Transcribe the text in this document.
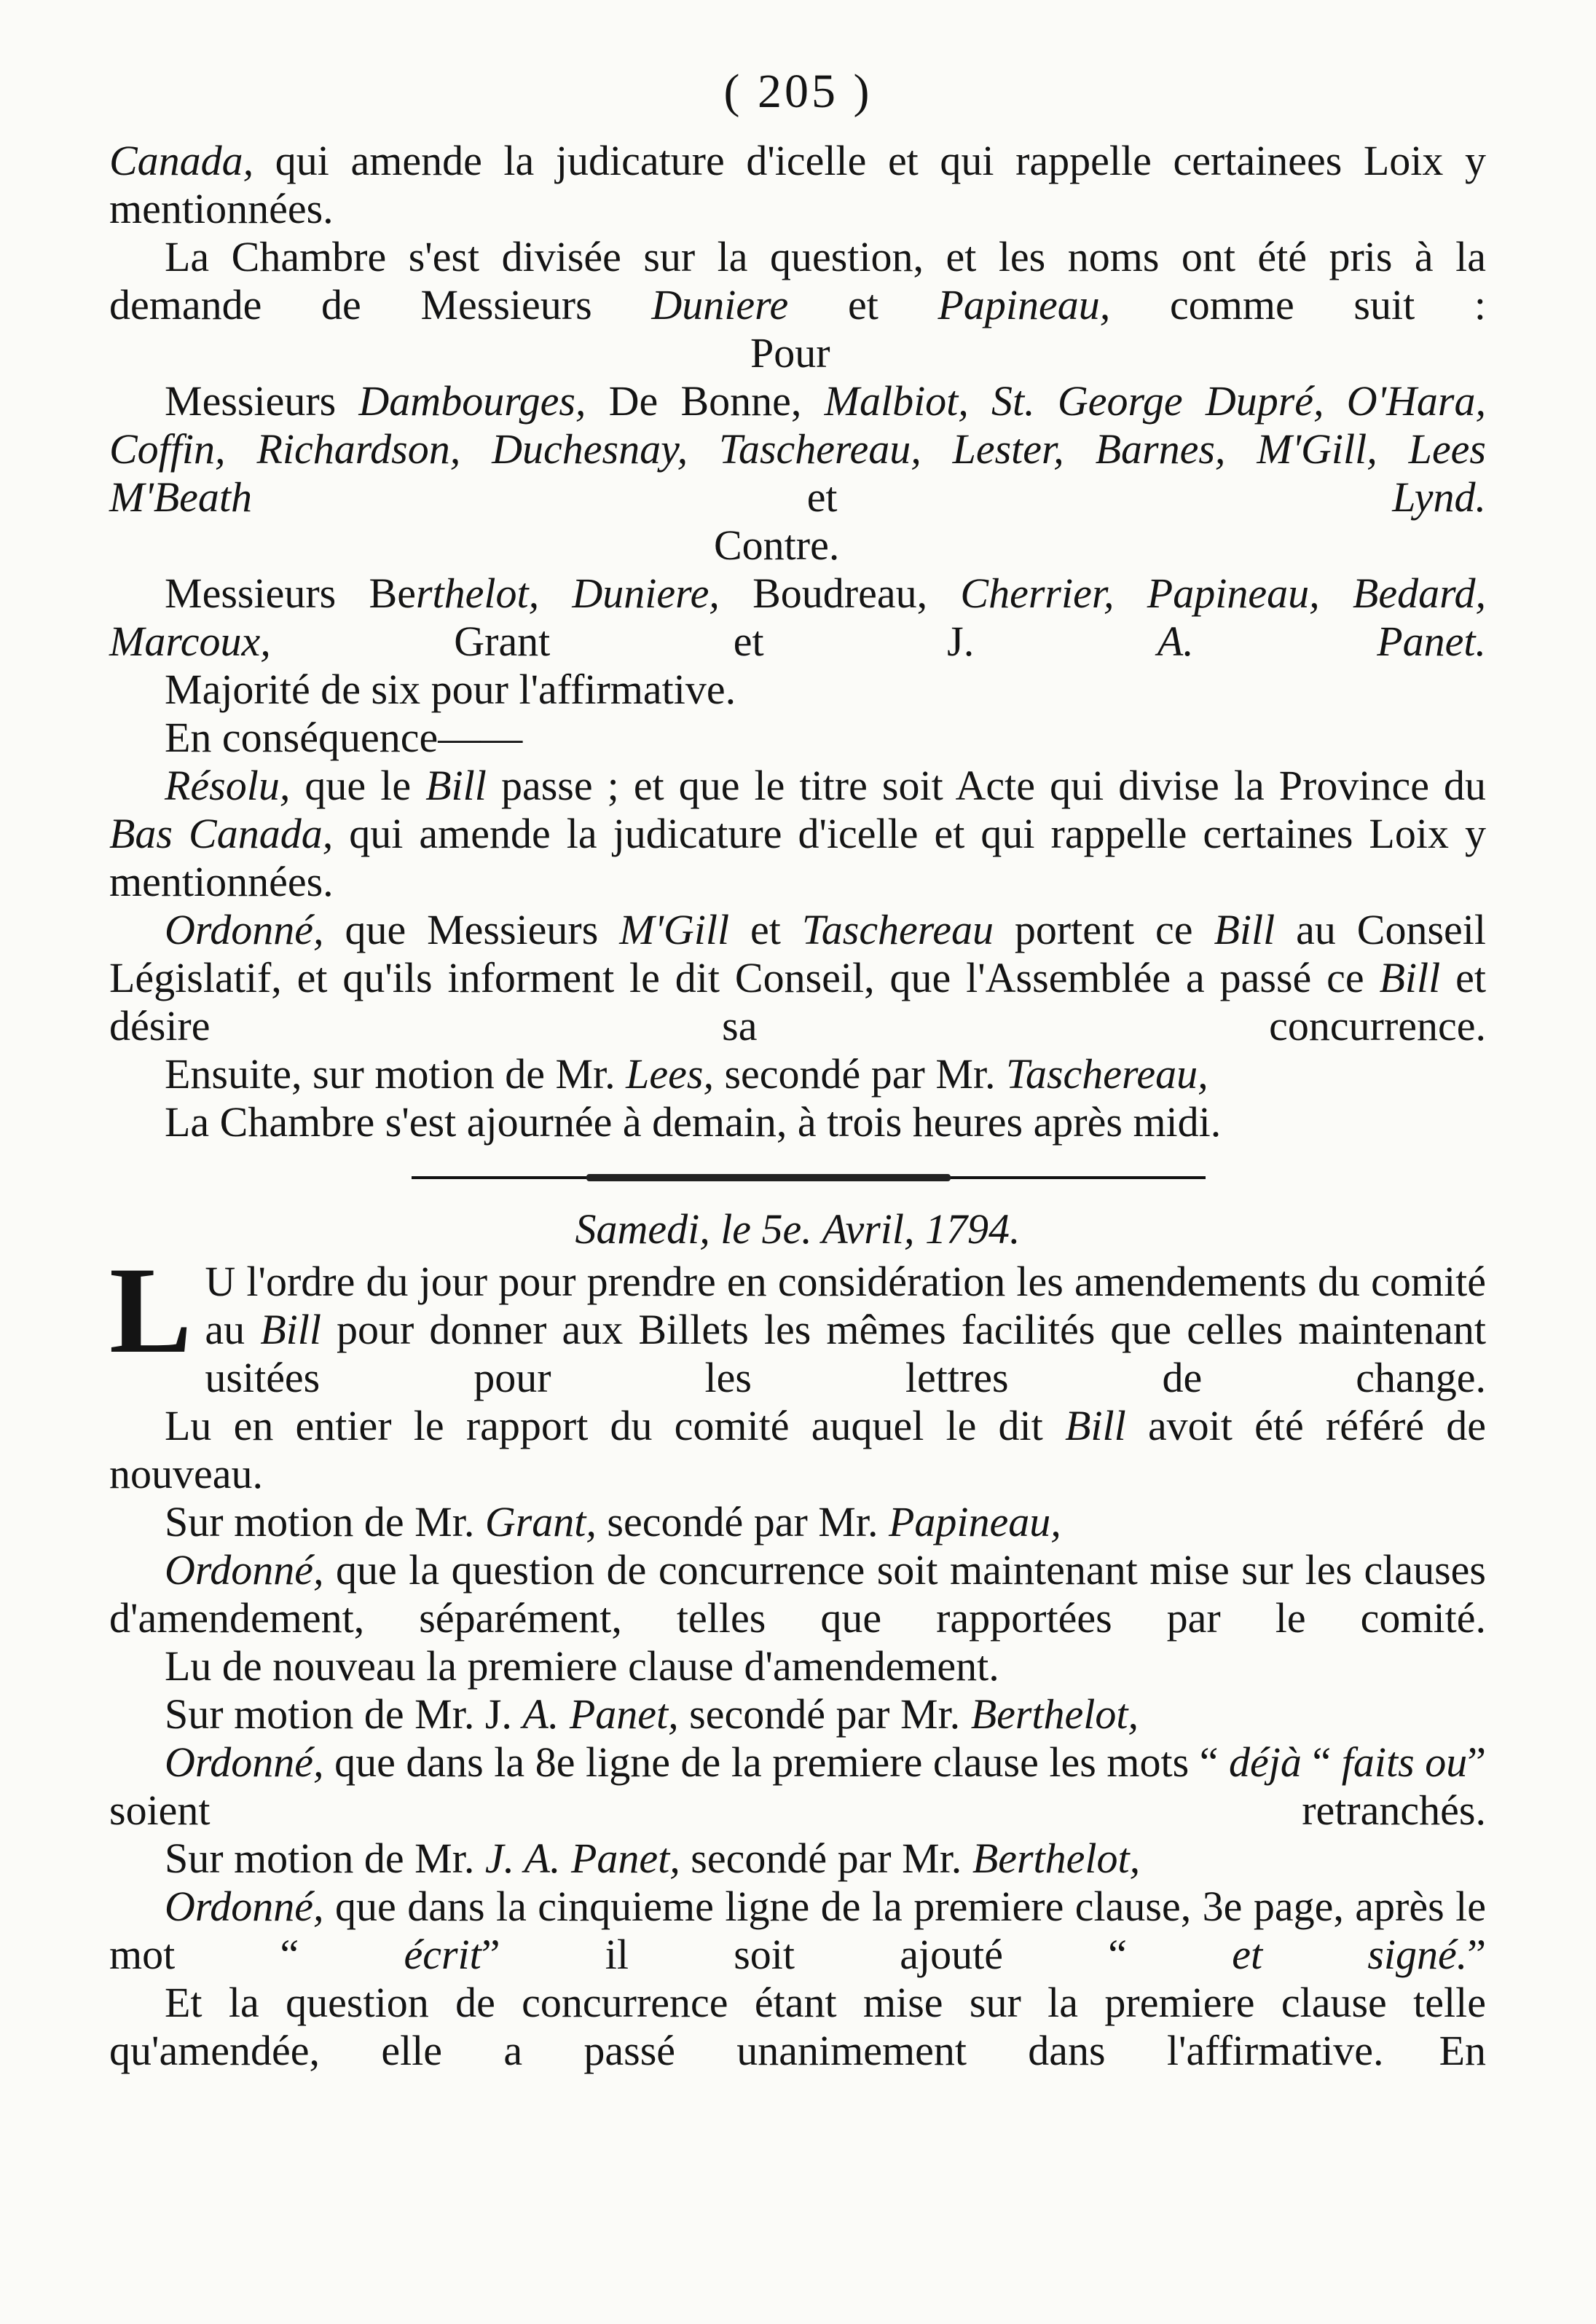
( 205 )

Canada, qui amende la judicature d'icelle et qui rappelle certainees Loix y mentionnées.

La Chambre s'est divisée sur la question, et les noms ont été pris à la demande de Messieurs Duniere et Papineau, comme suit :

Pour

Messieurs Dambourges, De Bonne, Malbiot, St. George Dupré, O'Hara, Coffin, Richardson, Duchesnay, Taschereau, Lester, Barnes, M'Gill, Lees M'Beath et Lynd.

Contre.

Messieurs Berthelot, Duniere, Boudreau, Cherrier, Papineau, Bedard, Marcoux, Grant et J. A. Panet.

Majorité de six pour l'affirmative.

En conséquence——

Résolu, que le Bill passe ; et que le titre soit Acte qui divise la Province du Bas Canada, qui amende la judicature d'icelle et qui rappelle certaines Loix y mentionnées.

Ordonné, que Messieurs M'Gill et Taschereau portent ce Bill au Conseil Législatif, et qu'ils informent le dit Conseil, que l'Assemblée a passé ce Bill et désire sa concurrence.

Ensuite, sur motion de Mr. Lees, secondé par Mr. Taschereau,

La Chambre s'est ajournée à demain, à trois heures après midi.

Samedi, le 5e. Avril, 1794.

L U l'ordre du jour pour prendre en considération les amendements du comité au Bill pour donner aux Billets les mêmes facilités que celles maintenant usitées pour les lettres de change.

Lu en entier le rapport du comité auquel le dit Bill avoit été référé de nouveau.

Sur motion de Mr. Grant, secondé par Mr. Papineau,

Ordonné, que la question de concurrence soit maintenant mise sur les clauses d'amendement, séparément, telles que rapportées par le comité.

Lu de nouveau la premiere clause d'amendement.

Sur motion de Mr. J. A. Panet, secondé par Mr. Berthelot,

Ordonné, que dans la 8e ligne de la premiere clause les mots “ déjà “ faits ou” soient retranchés.

Sur motion de Mr. J. A. Panet, secondé par Mr. Berthelot,

Ordonné, que dans la cinquieme ligne de la premiere clause, 3e page, après le mot “ écrit” il soit ajouté “ et signé.”

Et la question de concurrence étant mise sur la premiere clause telle qu'amendée, elle a passé unanimement dans l'affirmative.	En
